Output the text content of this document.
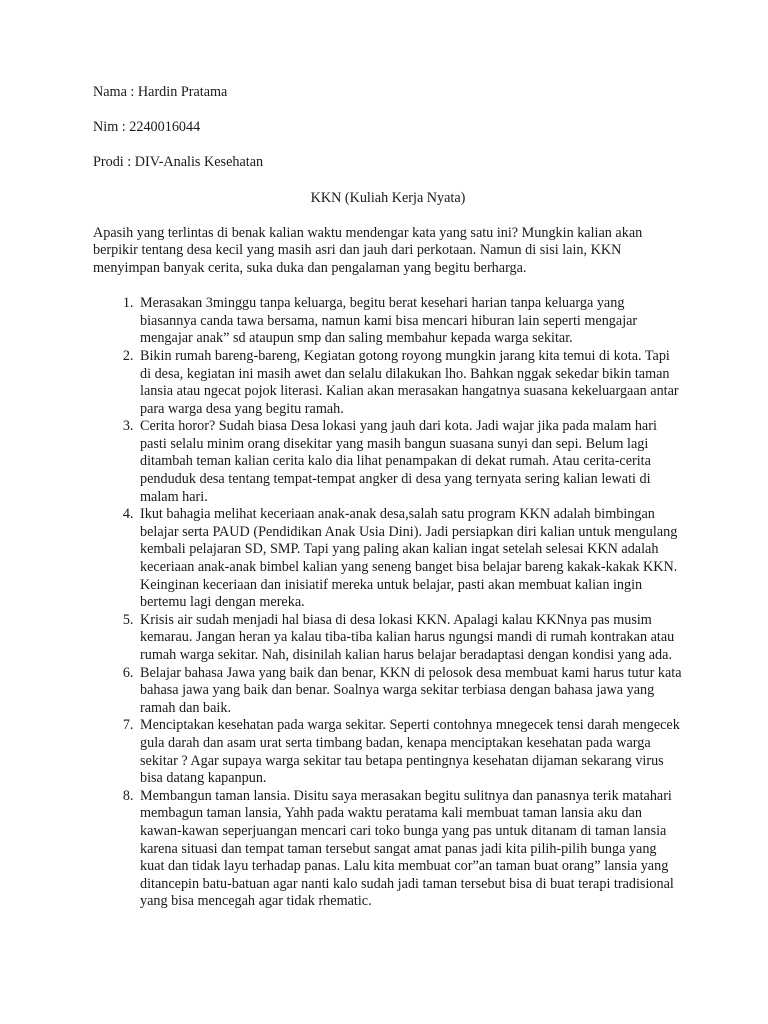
Nama : Hardin Pratama

Nim : 2240016044

Prodi : DIV-Analis Kesehatan

KKN (Kuliah Kerja Nyata)

Apasih yang terlintas di benak kalian waktu mendengar kata yang satu ini? Mungkin kalian akan berpikir tentang desa kecil yang masih asri dan jauh dari perkotaan. Namun di sisi lain, KKN menyimpan banyak cerita, suka duka dan pengalaman yang begitu berharga.

1. Merasakan 3minggu tanpa keluarga, begitu berat kesehari harian tanpa keluarga yang biasannya canda tawa bersama, namun kami bisa mencari hiburan lain seperti mengajar mengajar anak” sd ataupun smp dan saling membahur kepada warga sekitar.
2. Bikin rumah bareng-bareng, Kegiatan gotong royong mungkin jarang kita temui di kota. Tapi di desa, kegiatan ini masih awet dan selalu dilakukan lho. Bahkan nggak sekedar bikin taman lansia atau ngecat pojok literasi. Kalian akan merasakan hangatnya suasana kekeluargaan antar para warga desa yang begitu ramah.
3. Cerita horor? Sudah biasa Desa lokasi yang jauh dari kota. Jadi wajar jika pada malam hari pasti selalu minim orang disekitar yang masih bangun suasana sunyi dan sepi. Belum lagi ditambah teman kalian cerita kalo dia lihat penampakan di dekat rumah. Atau cerita-cerita penduduk desa tentang tempat-tempat angker di desa yang ternyata sering kalian lewati di malam hari.
4. Ikut bahagia melihat keceriaan anak-anak desa,salah satu program KKN adalah bimbingan belajar serta PAUD (Pendidikan Anak Usia Dini). Jadi persiapkan diri kalian untuk mengulang kembali pelajaran SD, SMP. Tapi yang paling akan kalian ingat setelah selesai KKN adalah keceriaan anak-anak bimbel kalian yang seneng banget bisa belajar bareng kakak-kakak KKN. Keinginan keceriaan dan inisiatif mereka untuk belajar, pasti akan membuat kalian ingin bertemu lagi dengan mereka.
5. Krisis air sudah menjadi hal biasa di desa lokasi KKN. Apalagi kalau KKNnya pas musim kemarau. Jangan heran ya kalau tiba-tiba kalian harus ngungsi mandi di rumah kontrakan atau rumah warga sekitar. Nah, disinilah kalian harus belajar beradaptasi dengan kondisi yang ada.
6. Belajar bahasa Jawa yang baik dan benar, KKN di pelosok desa membuat kami harus tutur kata bahasa jawa yang baik dan benar. Soalnya warga sekitar terbiasa dengan bahasa jawa yang ramah dan baik.
7. Menciptakan kesehatan pada warga sekitar. Seperti contohnya mnegecek tensi darah mengecek gula darah dan asam urat serta timbang badan, kenapa menciptakan kesehatan pada warga sekitar ? Agar supaya warga sekitar tau betapa pentingnya kesehatan dijaman sekarang virus bisa datang kapanpun.
8. Membangun taman lansia. Disitu saya merasakan begitu sulitnya dan panasnya terik matahari membagun taman lansia, Yahh pada waktu peratama kali membuat taman lansia aku dan kawan-kawan seperjuangan mencari cari toko bunga yang pas untuk ditanam di taman lansia karena situasi dan tempat taman tersebut sangat amat panas jadi kita pilih-pilih bunga yang kuat dan tidak layu terhadap panas. Lalu kita membuat cor”an taman buat orang” lansia yang ditancepin batu-batuan agar nanti kalo sudah jadi taman tersebut bisa di buat terapi tradisional yang bisa mencegah agar tidak rhematic.
